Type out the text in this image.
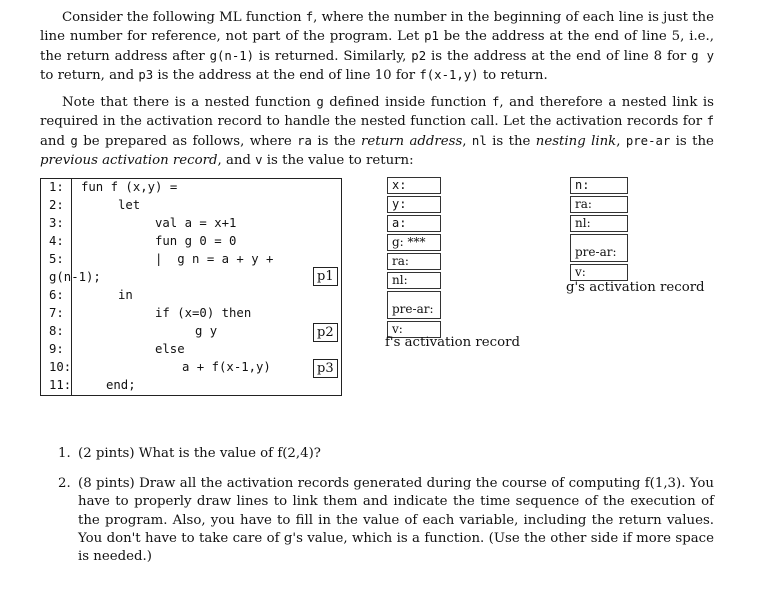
Consider the following ML function f, where the number in the beginning of each line is just the line number for reference, not part of the program. Let p1 be the address at the end of line 5, i.e., the return address after g(n-1) is returned. Similarly, p2 is the address at the end of line 8 for g y to return, and p3 is the address at the end of line 10 for f(x-1,y) to return.
Note that there is a nested function g defined inside function f, and therefore a nested link is required in the activation record to handle the nested function call. Let the activation records for f and g be prepared as follows, where ra is the return address, nl is the nesting link, pre-ar is the previous activation record, and v is the value to return:
1: fun f (x,y) =
2:	let
3:	val a = x+1
4:	fun g 0 = 0
5:	|  g n = a + y +
g(n-1);
6:	in
7:	if (x=0) then
8:	g y
9:	else
10:	a + f(x-1,y)
11:	end;
p1
p2
p3
x:
y:
a:
g: ***
ra:
nl:
pre-ar:
v:
f's activation record
n:
ra:
nl:
pre-ar:
v:
g's activation record
1. (2 pints) What is the value of f(2,4)?
2. (8 pints) Draw all the activation records generated during the course of computing f(1,3). You have to properly draw lines to link them and indicate the time sequence of the execution of the program. Also, you have to fill in the value of each variable, including the return values. You don't have to take care of g's value, which is a function. (Use the other side if more space is needed.)
